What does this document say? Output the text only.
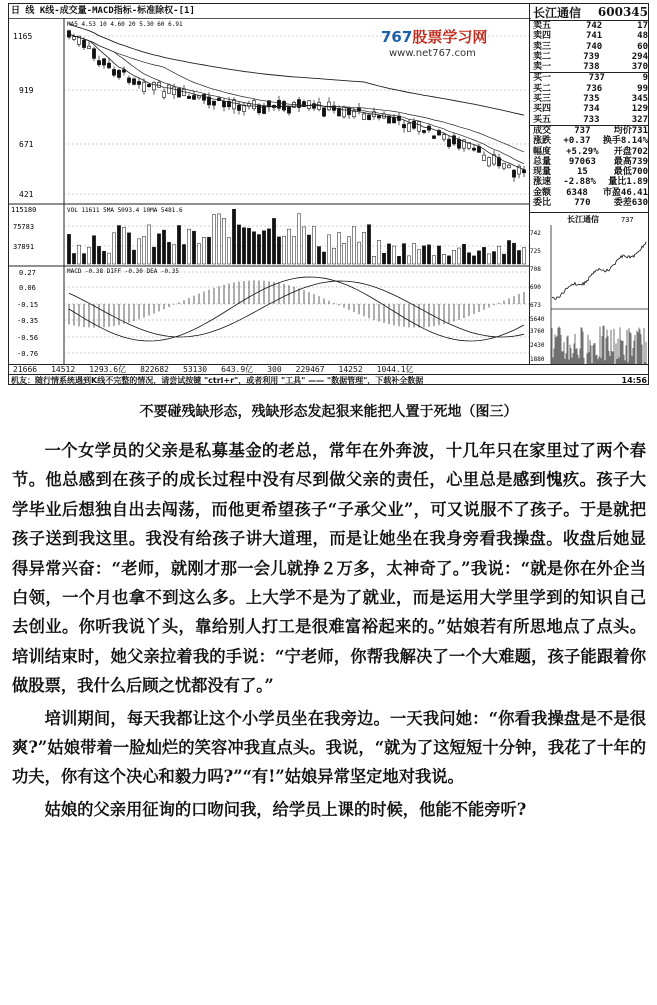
日 线 K线-成交量-MACD指标-标准除权-[1]
1165
919
671
421
115180
75783
37891
0.27
0.06
-0.15
-0.35
-0.56
-0.76
MA5 4.53 10 4.60 20 5.30 60 6.91
VOL 11611 5MA 5093.4 10MA 5481.6
MACD -0.38 DIFF -0.30 DEA -0.35
767股票学习网
www.net767.com
长江通信 600345
卖五	742	17
卖四	741	48
卖三	740	60
卖二	739	294
卖一	738	370
买一	737	9
买二	736	99
买三	735	345
买四	734	129
买五	733	327
成交	737	均价 731
涨跌	+0.37	换手 8.14%
幅度	+5.29%	开盘 702
总量	97063	最高 739
现量	15	最低 700
涨速	-2.88%	量比 1.89
金额	6348	市盈 46.41
委比	770	委差 630
长江通信	737
742
725
708
690
673
5640
3760
2430
1880
21666 14512 1293.6亿 822682 53130 643.9亿 300 229467 14252 1044.1亿
机友：随行情系统遇到K线不完整的情况，请尝试按键 "ctrl+r"，或者利用 "工具" —— "数据管理"，下载补全数据	14:56
不要碰残缺形态，残缺形态发起狠来能把人置于死地（图三）

一个女学员的父亲是私募基金的老总，常年在外奔波，十几年只在家里过了两个春节。他总感到在孩子的成长过程中没有尽到做父亲的责任，心里总是感到愧疚。孩子大学毕业后想独自出去闯荡，而他更希望孩子“子承父业”，可又说服不了孩子。于是就把孩子送到我这里。我没有给孩子讲大道理，而是让她坐在我身旁看我操盘。收盘后她显得异常兴奋：“老师，就刚才那一会儿就挣２万多，太神奇了。”我说：“就是你在外企当白领，一个月也拿不到这么多。上大学不是为了就业，而是运用大学里学到的知识自己去创业。你听我说丫头，靠给别人打工是很难富裕起来的。”姑娘若有所思地点了点头。培训结束时，她父亲拉着我的手说：“宁老师，你帮我解决了一个大难题，孩子能跟着你做股票，我什么后顾之忧都没有了。”

培训期间，每天我都让这个小学员坐在我旁边。一天我问她：“你看我操盘是不是很爽?”姑娘带着一脸灿烂的笑容冲我直点头。我说，“就为了这短短十分钟，我花了十年的功夫，你有这个决心和毅力吗?”“有!”姑娘异常坚定地对我说。

姑娘的父亲用征询的口吻问我，给学员上课的时候，他能不能旁听?
